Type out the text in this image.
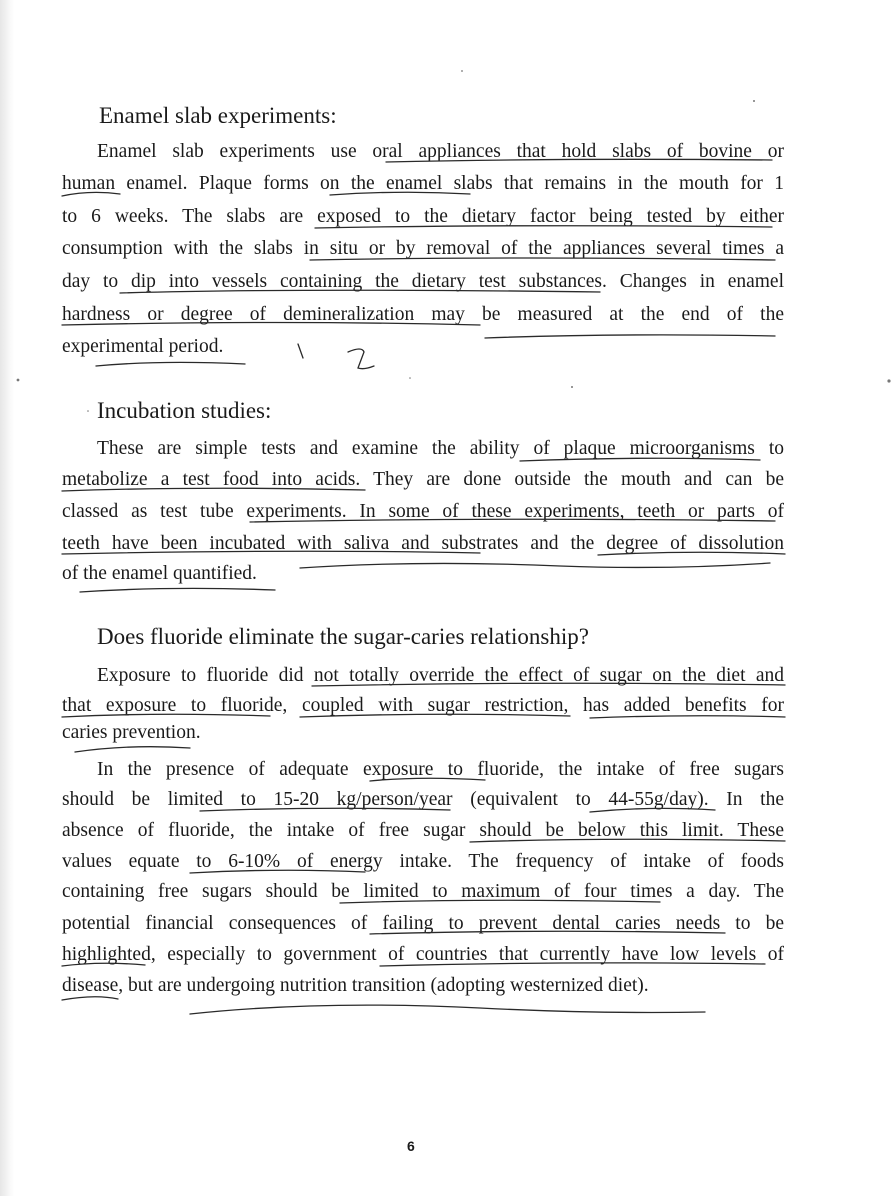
Enamel slab experiments:
Enamel slab experiments use oral appliances that hold slabs of bovine or
human enamel. Plaque forms on the enamel slabs that remains in the mouth for 1
to 6 weeks. The slabs are exposed to the dietary factor being tested by either
consumption with the slabs in situ or by removal of the appliances several times a
day to dip into vessels containing the dietary test substances. Changes in enamel
hardness or degree of demineralization may be measured at the end of the
experimental period.
Incubation studies:
These are simple tests and examine the ability of plaque microorganisms to
metabolize a test food into acids. They are done outside the mouth and can be
classed as test tube experiments. In some of these experiments, teeth or parts of
teeth have been incubated with saliva and substrates and the degree of dissolution
of the enamel quantified.
Does fluoride eliminate the sugar-caries relationship?
Exposure to fluoride did not totally override the effect of sugar on the diet and
that exposure to fluoride, coupled with sugar restriction, has added benefits for
caries prevention.
In the presence of adequate exposure to fluoride, the intake of free sugars
should be limited to 15-20 kg/person/year (equivalent to 44-55g/day). In the
absence of fluoride, the intake of free sugar should be below this limit. These
values equate to 6-10% of energy intake. The frequency of intake of foods
containing free sugars should be limited to maximum of four times a day. The
potential financial consequences of failing to prevent dental caries needs to be
highlighted, especially to government of countries that currently have low levels of
disease, but are undergoing nutrition transition (adopting westernized diet).
6
